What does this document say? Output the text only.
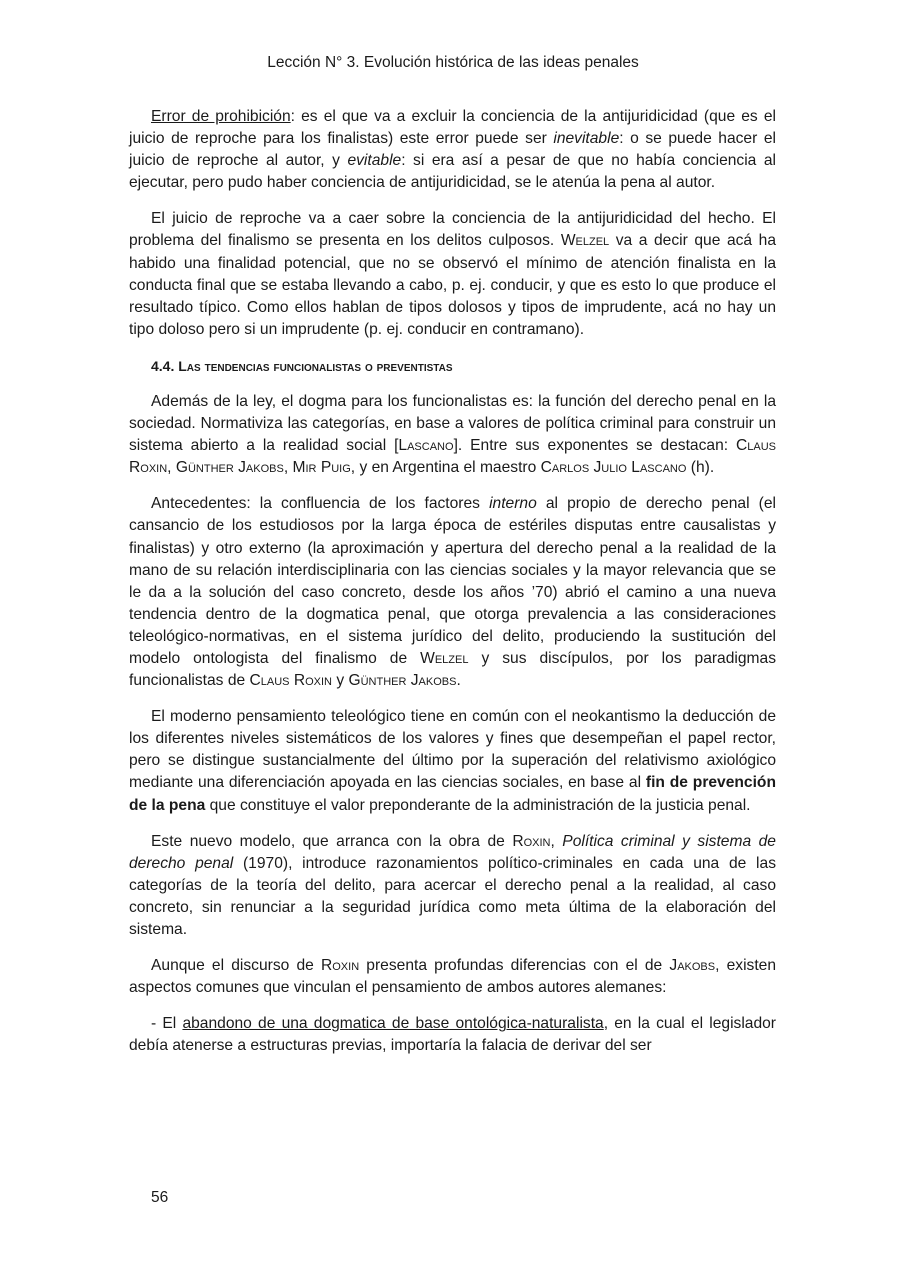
Lección N° 3. Evolución histórica de las ideas penales

Error de prohibición: es el que va a excluir la conciencia de la antijuridicidad (que es el juicio de reproche para los finalistas) este error puede ser inevitable: o se puede hacer el juicio de reproche al autor, y evitable: si era así a pesar de que no había conciencia al ejecutar, pero pudo haber conciencia de antijuridicidad, se le atenúa la pena al autor.

El juicio de reproche va a caer sobre la conciencia de la antijuridicidad del hecho. El problema del finalismo se presenta en los delitos culposos. Welzel va a decir que acá ha habido una finalidad potencial, que no se observó el mínimo de atención finalista en la conducta final que se estaba llevando a cabo, p. ej. conducir, y que es esto lo que produce el resultado típico. Como ellos hablan de tipos dolosos y tipos de imprudente, acá no hay un tipo doloso pero si un imprudente (p. ej. conducir en contramano).

4.4. Las tendencias funcionalistas o preventistas

Además de la ley, el dogma para los funcionalistas es: la función del derecho penal en la sociedad. Normativiza las categorías, en base a valores de política criminal para construir un sistema abierto a la realidad social [Lascano]. Entre sus exponentes se destacan: Claus Roxin, Günther Jakobs, Mir Puig, y en Argentina el maestro Carlos Julio Lascano (h).

Antecedentes: la confluencia de los factores interno al propio de derecho penal (el cansancio de los estudiosos por la larga época de estériles disputas entre causalistas y finalistas) y otro externo (la aproximación y apertura del derecho penal a la realidad de la mano de su relación interdisciplinaria con las ciencias sociales y la mayor relevancia que se le da a la solución del caso concreto, desde los años ’70) abrió el camino a una nueva tendencia dentro de la dogmatica penal, que otorga prevalencia a las consideraciones teleológico-normativas, en el sistema jurídico del delito, produciendo la sustitución del modelo ontologista del finalismo de Welzel y sus discípulos, por los paradigmas funcionalistas de Claus Roxin y Günther Jakobs.

El moderno pensamiento teleológico tiene en común con el neokantismo la deducción de los diferentes niveles sistemáticos de los valores y fines que desempeñan el papel rector, pero se distingue sustancialmente del último por la superación del relativismo axiológico mediante una diferenciación apoyada en las ciencias sociales, en base al fin de prevención de la pena que constituye el valor preponderante de la administración de la justicia penal.

Este nuevo modelo, que arranca con la obra de Roxin, Política criminal y sistema de derecho penal (1970), introduce razonamientos político-criminales en cada una de las categorías de la teoría del delito, para acercar el derecho penal a la realidad, al caso concreto, sin renunciar a la seguridad jurídica como meta última de la elaboración del sistema.

Aunque el discurso de Roxin presenta profundas diferencias con el de Jakobs, existen aspectos comunes que vinculan el pensamiento de ambos autores alemanes:

- El abandono de una dogmatica de base ontológica-naturalista, en la cual el legislador debía atenerse a estructuras previas, importaría la falacia de derivar del ser

56
